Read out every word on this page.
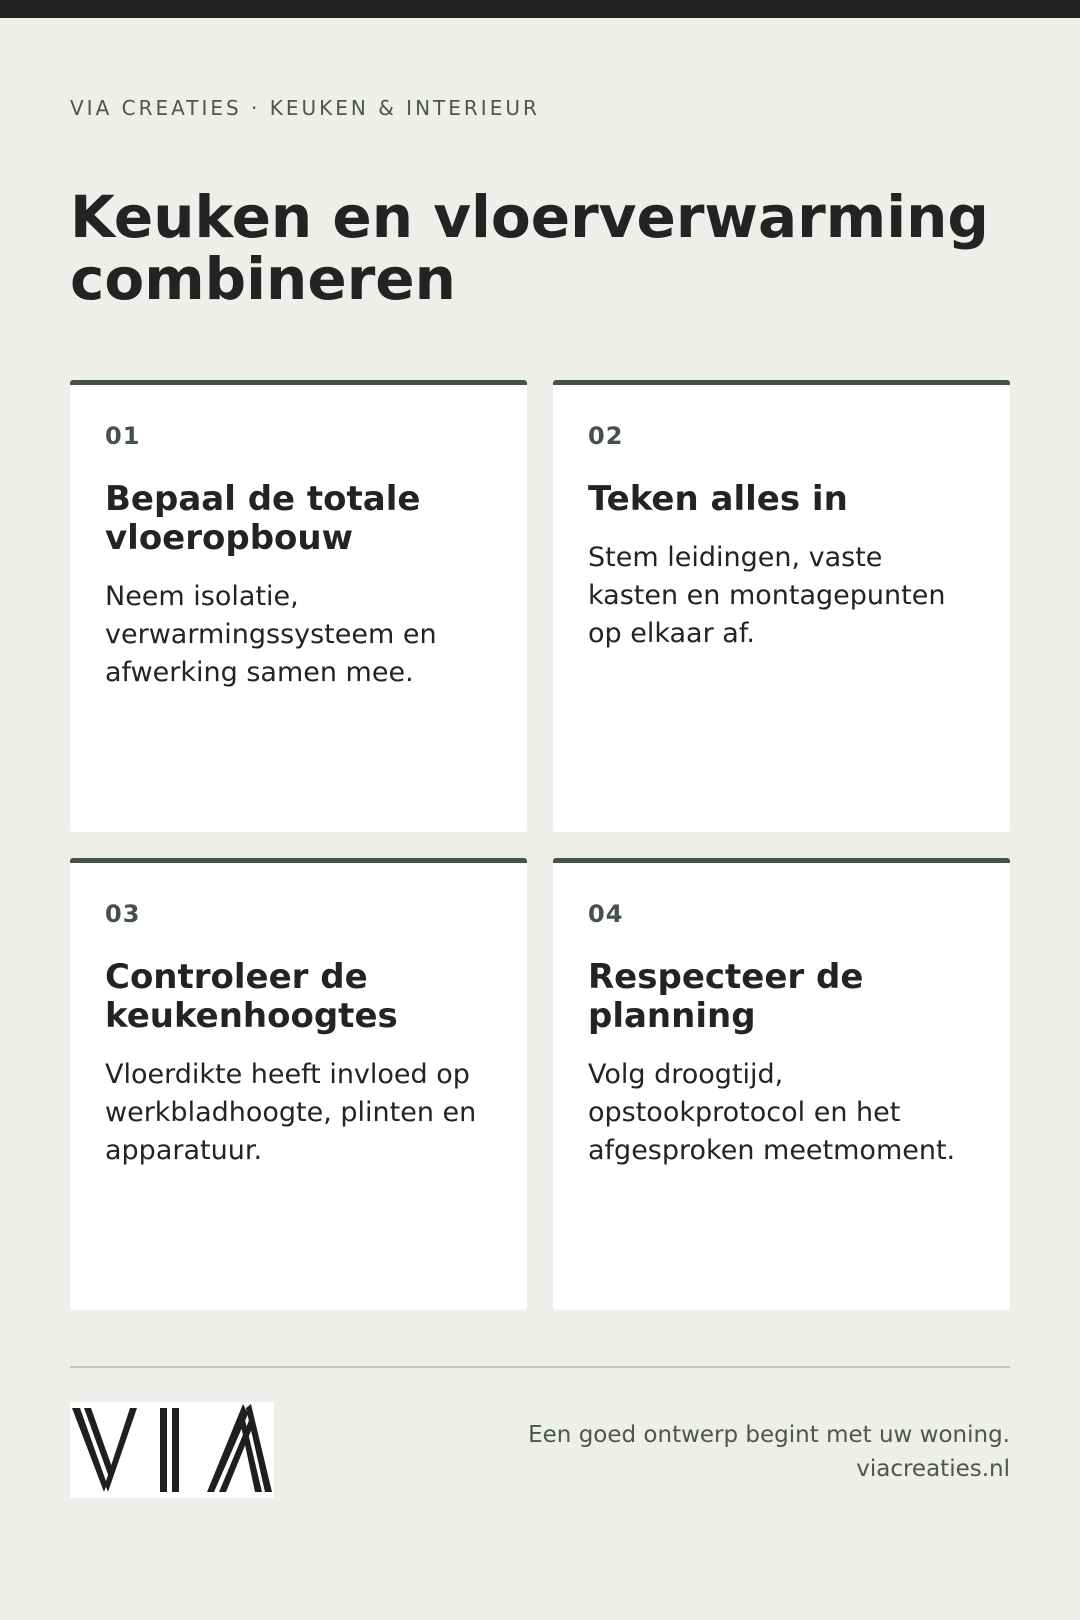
VIA CREATIES · KEUKEN & INTERIEUR
Keuken en vloerverwarming combineren
01
Bepaal de totale vloeropbouw
Neem isolatie, verwarmingssysteem en afwerking samen mee.
02
Teken alles in
Stem leidingen, vaste kasten en montagepunten op elkaar af.
03
Controleer de keukenhoogtes
Vloerdikte heeft invloed op werkbladhoogte, plinten en apparatuur.
04
Respecteer de planning
Volg droogtijd, opstookprotocol en het afgesproken meetmoment.
Een goed ontwerp begint met uw woning.
viacreaties.nl
